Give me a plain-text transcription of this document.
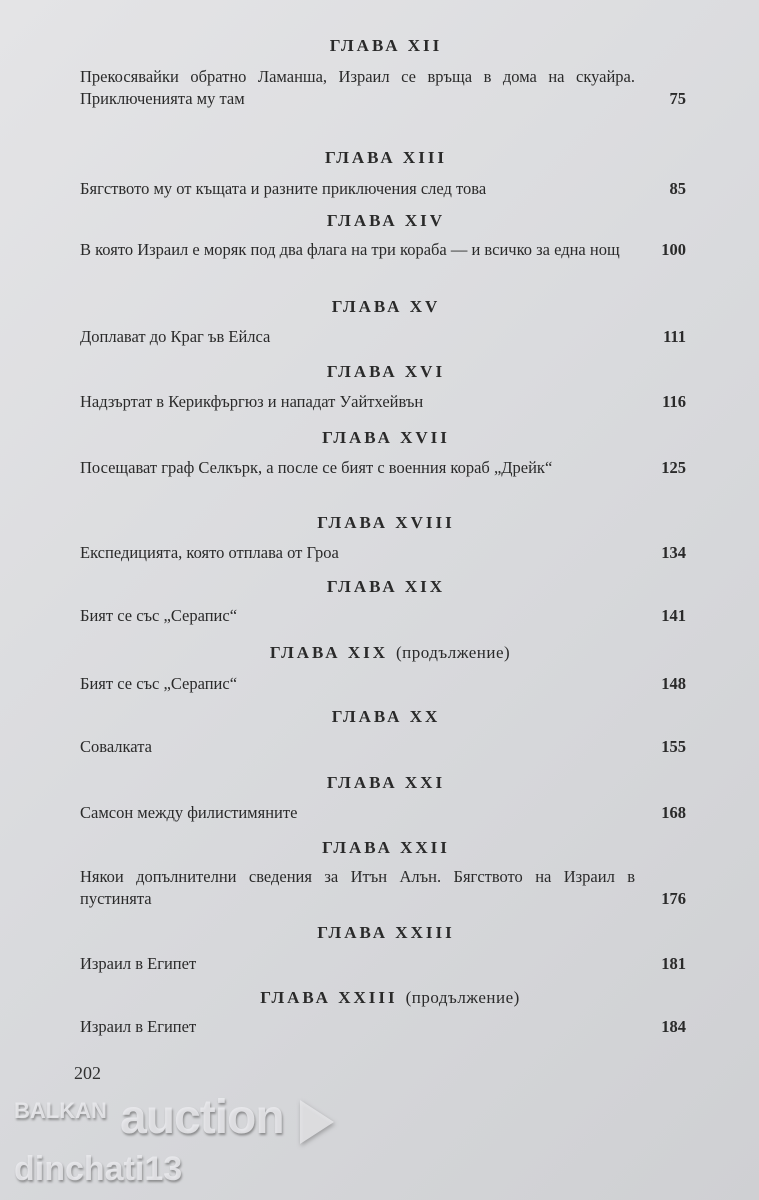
ГЛАВА XII
Прекосявайки обратно Ламанша, Израил се връща в дома на скуайра. Приключенията му там	75
ГЛАВА XIII
Бягството му от къщата и разните приключения след това	85
ГЛАВА XIV
В която Израил е моряк под два флага на три кораба — и всичко за една нощ	100
ГЛАВА XV
Доплават до Краг ъв Ейлса	111
ГЛАВА XVI
Надзъртат в Керикфъргюз и нападат Уайтхейвън	116
ГЛАВА XVII
Посещават граф Селкърк, а после се бият с военния кораб „Дрейк“	125
ГЛАВА XVIII
Експедицията, която отплава от Гроа	134
ГЛАВА XIX
Бият се със „Серапис“	141
ГЛАВА XIX (продължение)
Бият се със „Серапис“	148
ГЛАВА XX
Совалката	155
ГЛАВА XXI
Самсон между филистимяните	168
ГЛАВА XXII
Някои допълнителни сведения за Итън Алън. Бягството на Израил в пустинята	176
ГЛАВА XXIII
Израил в Египет	181
ГЛАВА XXIII (продължение)
Израил в Египет	184
202
BALKAN auction
dinchati13
